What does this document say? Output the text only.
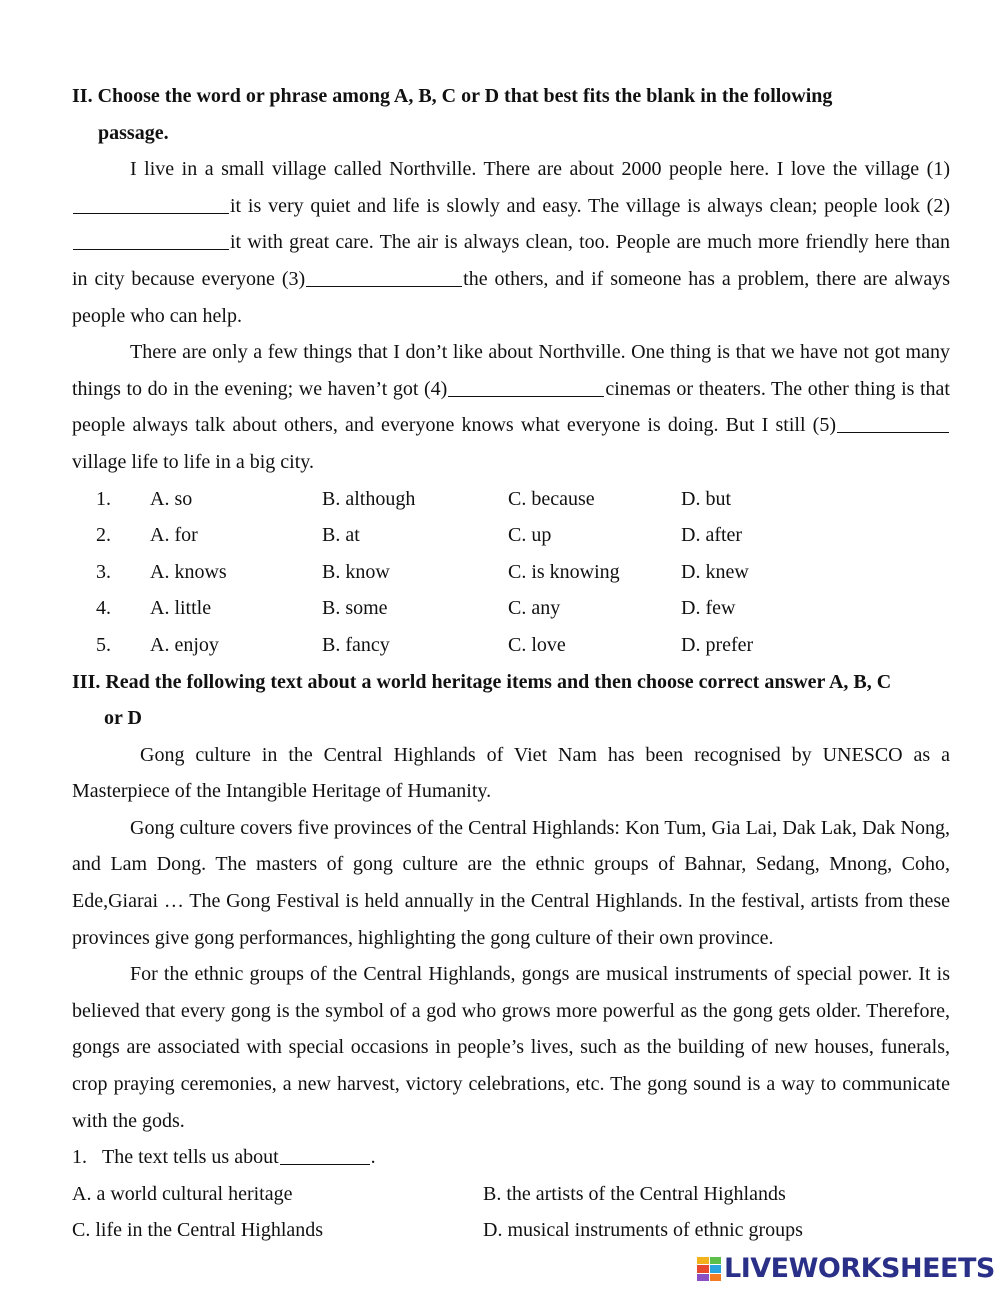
II. Choose the word or phrase among A, B, C or D that best fits the blank in the following
passage.

I live in a small village called Northville. There are about 2000 people here. I love the village (1) it is very quiet and life is slowly and easy. The village is always clean; people look (2) it with great care. The air is always clean, too. People are much more friendly here than in city because everyone (3)	the others, and if someone has a problem, there are always people who can help.

There are only a few things that I don’t like about Northville. One thing is that we have not got many things to do in the evening; we haven’t got (4)	cinemas or theaters. The other thing is that people always talk about others, and everyone knows what everyone is doing. But I still (5)village life to life in a big city.

1. A. so	B. although	C. because	D. but
2. A. for	B. at	C. up	D. after
3. A. knows	B. know	C. is knowing	D. knew
4. A. little	B. some	C. any	D. few
5. A. enjoy	B. fancy	C. love	D. prefer

III. Read the following text about a world heritage items and then choose correct answer A, B, C
or D

Gong culture in the Central Highlands of Viet Nam has been recognised by UNESCO as a Masterpiece of the Intangible Heritage of Humanity.

Gong culture covers five provinces of the Central Highlands: Kon Tum, Gia Lai, Dak Lak, Dak Nong, and Lam Dong. The masters of gong culture are the ethnic groups of Bahnar, Sedang, Mnong, Coho, Ede,Giarai … The Gong Festival is held annually in the Central Highlands. In the festival, artists from these provinces give gong performances, highlighting the gong culture of their own province.

For the ethnic groups of the Central Highlands, gongs are musical instruments of special power. It is believed that every gong is the symbol of a god who grows more powerful as the gong gets older. Therefore, gongs are associated with special occasions in people’s lives, such as the building of new houses, funerals, crop praying ceremonies, a new harvest, victory celebrations, etc. The gong sound is a way to communicate with the gods.

1. The text tells us about	.

A. a world cultural heritage	B. the artists of the Central Highlands
C. life in the Central Highlands	D. musical instruments of ethnic groups
LIVEWORKSHEETS
